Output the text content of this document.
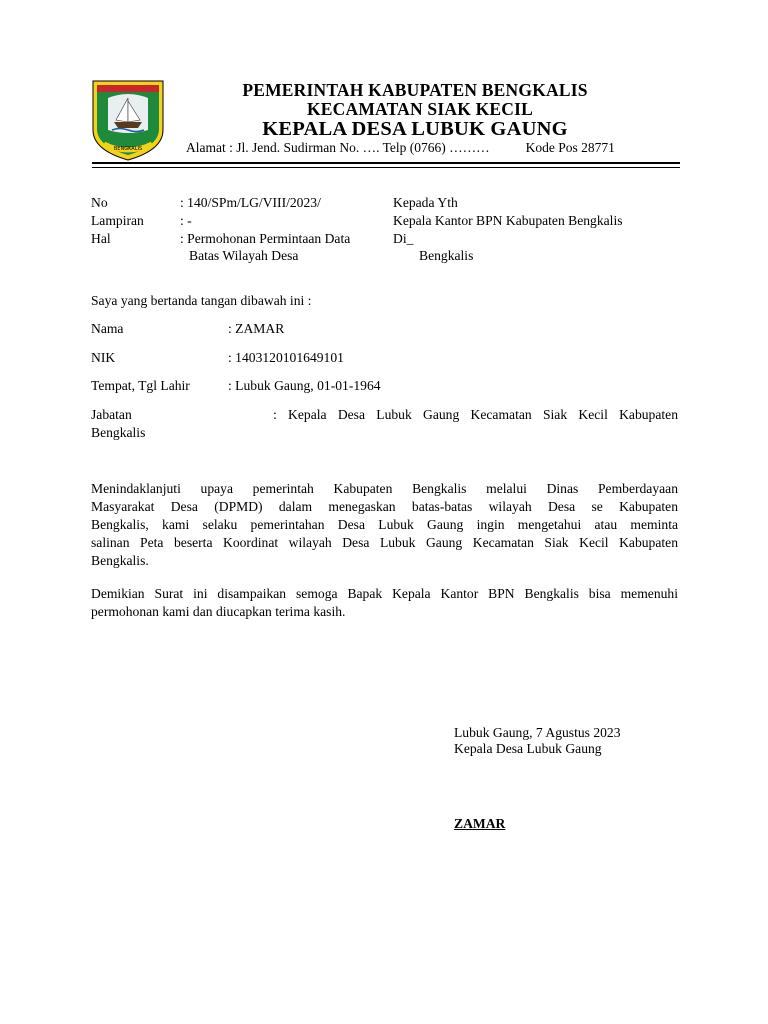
BENGKALIS
PEMERINTAH KABUPATEN BENGKALIS
KECAMATAN SIAK KECIL
KEPALA DESA LUBUK GAUNG
Alamat : Jl. Jend. Sudirman No. …. Telp (0766) ………	Kode Pos 28771
No	: 140/SPm/LG/VIII/2023/
Lampiran	: -
Hal	: Permohonan Permintaan Data
Batas Wilayah Desa
Kepada Yth
Kepala Kantor BPN Kabupaten Bengkalis
Di_
Bengkalis
Saya yang bertanda tangan dibawah ini :
Nama	: ZAMAR
NIK	: 1403120101649101
Tempat, Tgl Lahir	: Lubuk Gaung, 01-01-1964
Jabatan	: Kepala Desa Lubuk Gaung Kecamatan Siak Kecil Kabupaten
Bengkalis
Menindaklanjuti upaya pemerintah Kabupaten Bengkalis melalui Dinas Pemberdayaan
Masyarakat Desa (DPMD) dalam menegaskan batas-batas wilayah Desa se Kabupaten
Bengkalis, kami selaku pemerintahan Desa Lubuk Gaung ingin mengetahui atau meminta
salinan Peta beserta Koordinat wilayah Desa Lubuk Gaung Kecamatan Siak Kecil Kabupaten
Bengkalis.
Demikian Surat ini disampaikan semoga Bapak Kepala Kantor BPN Bengkalis bisa memenuhi
permohonan kami dan diucapkan terima kasih.
Lubuk Gaung, 7 Agustus 2023
Kepala Desa Lubuk Gaung
ZAMAR
